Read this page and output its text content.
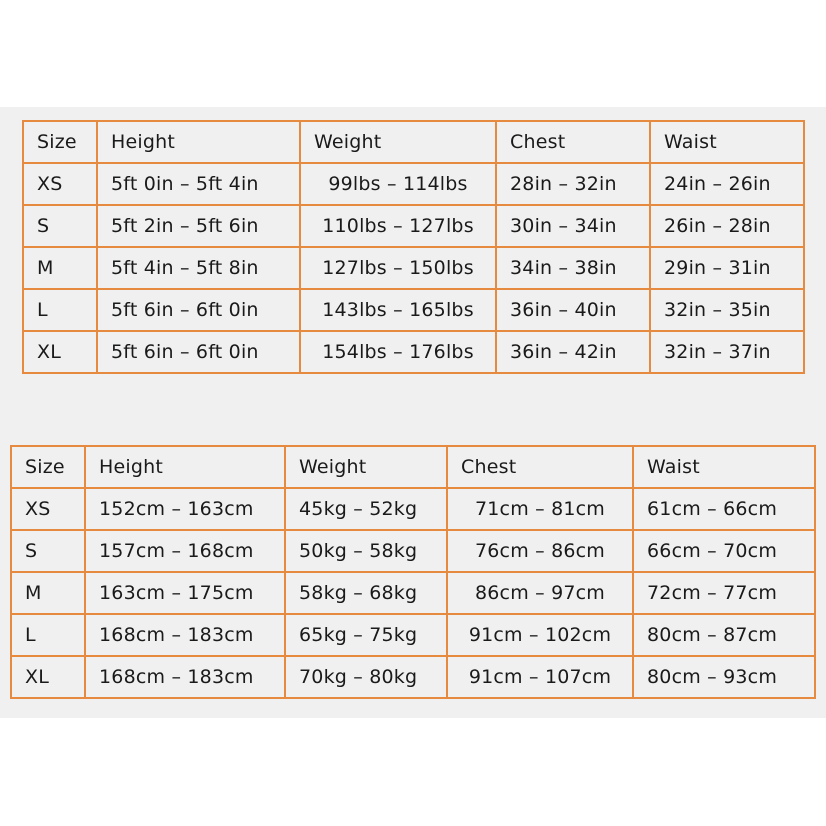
Size	Height	Weight	Chest	Waist
XS	5ft 0in – 5ft 4in	99lbs – 114lbs	28in – 32in	24in – 26in
S	5ft 2in – 5ft 6in	110lbs – 127lbs	30in – 34in	26in – 28in
M	5ft 4in – 5ft 8in	127lbs – 150lbs	34in – 38in	29in – 31in
L	5ft 6in – 6ft 0in	143lbs – 165lbs	36in – 40in	32in – 35in
XL	5ft 6in – 6ft 0in	154lbs – 176lbs	36in – 42in	32in – 37in
Size	Height	Weight	Chest	Waist
XS	152cm – 163cm	45kg – 52kg	71cm – 81cm	61cm – 66cm
S	157cm – 168cm	50kg – 58kg	76cm – 86cm	66cm – 70cm
M	163cm – 175cm	58kg – 68kg	86cm – 97cm	72cm – 77cm
L	168cm – 183cm	65kg – 75kg	91cm – 102cm	80cm – 87cm
XL	168cm – 183cm	70kg – 80kg	91cm – 107cm	80cm – 93cm
